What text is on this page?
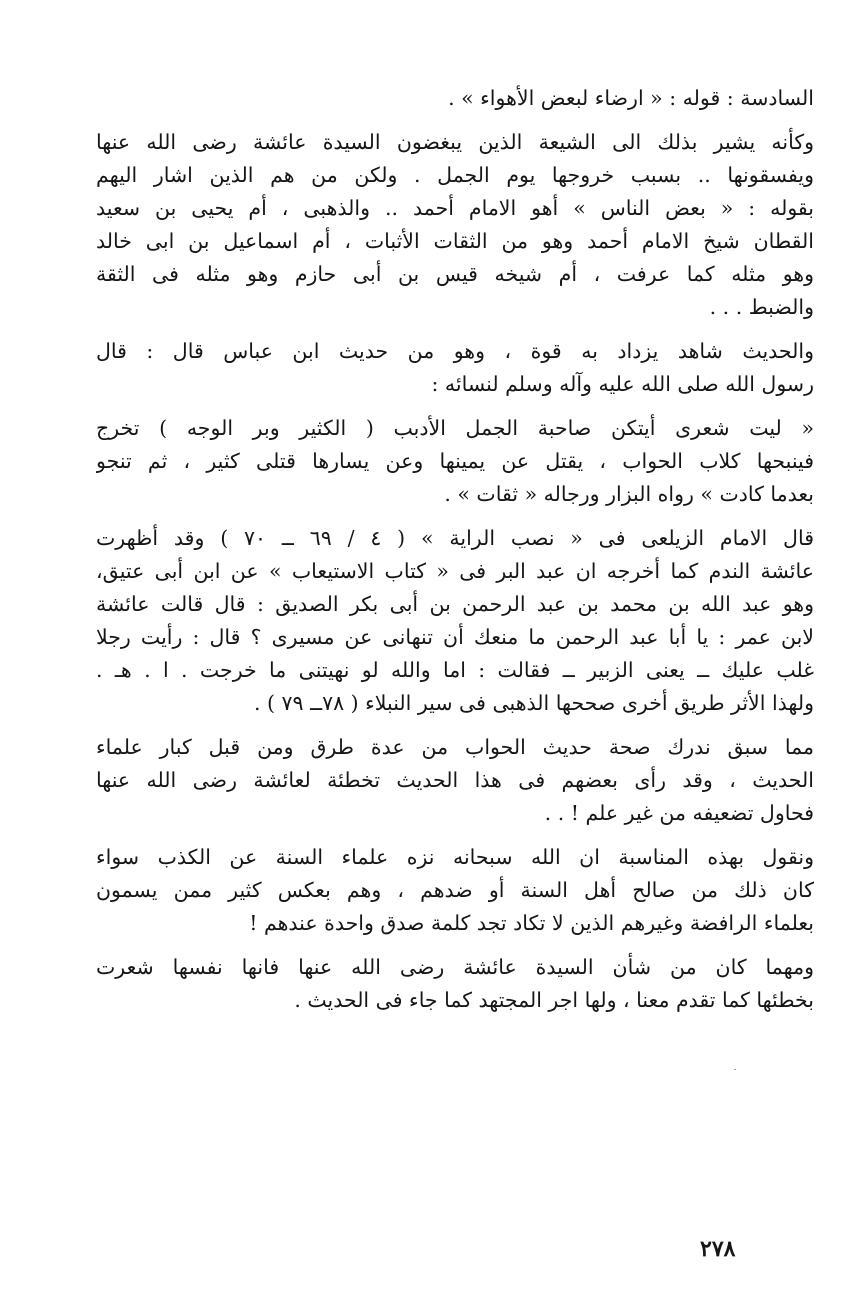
السادسة : قوله : « ارضاء لبعض الأهواء » .
وكأنه يشير بذلك الى الشيعة الذين يبغضون السيدة عائشة رضى الله عنها
ويفسقونها .. بسبب خروجها يوم الجمل . ولكن من هم الذين اشار اليهم
بقوله : « بعض الناس » أهو الامام أحمد .. والذهبى ، أم يحيى بن سعيد
القطان شيخ الامام أحمد وهو من الثقات الأثبات ، أم اسماعيل بن ابى خالد
وهو مثله كما عرفت ، أم شيخه قيس بن أبى حازم وهو مثله فى الثقة
والضبط . . .
والحديث شاهد يزداد به قوة ، وهو من حديث ابن عباس قال : قال
رسول الله صلى الله عليه وآله وسلم لنسائه :
« ليت شعرى أيتكن صاحبة الجمل الأدبب ( الكثير وبر الوجه ) تخرج
فينبحها كلاب الحواب ، يقتل عن يمينها وعن يسارها قتلى كثير ، ثم تنجو
بعدما كادت » رواه البزار ورجاله « ثقات » .
قال الامام الزيلعى فى « نصب الراية » ( ٤ / ٦٩ ــ ٧٠ ) وقد أظهرت
عائشة الندم كما أخرجه ان عبد البر فى « كتاب الاستيعاب » عن ابن أبى عتيق،
وهو عبد الله بن محمد بن عبد الرحمن بن أبى بكر الصديق : قال قالت عائشة
لابن عمر : يا أبا عبد الرحمن ما منعك أن تنهانى عن مسيرى ؟ قال : رأيت رجلا
غلب عليك ــ يعنى الزبير ــ فقالت : اما والله لو نهيتنى ما خرجت . ا . هـ .
ولهذا الأثر طريق أخرى صححها الذهبى فى سير النبلاء ( ٧٨ــ ٧٩ ) .
مما سبق ندرك صحة حديث الحواب من عدة طرق ومن قبل كبار علماء
الحديث ، وقد رأى بعضهم فى هذا الحديث تخطئة لعائشة رضى الله عنها
فحاول تضعيفه من غير علم ! . .
ونقول بهذه المناسبة ان الله سبحانه نزه علماء السنة عن الكذب سواء
كان ذلك من صالح أهل السنة أو ضدهم ، وهم بعكس كثير ممن يسمون
بعلماء الرافضة وغيرهم الذين لا تكاد تجد كلمة صدق واحدة عندهم !
ومهما كان من شأن السيدة عائشة رضى الله عنها فانها نفسها شعرت
بخطئها كما تقدم معنا ، ولها اجر المجتهد كما جاء فى الحديث .
٢٧٨
